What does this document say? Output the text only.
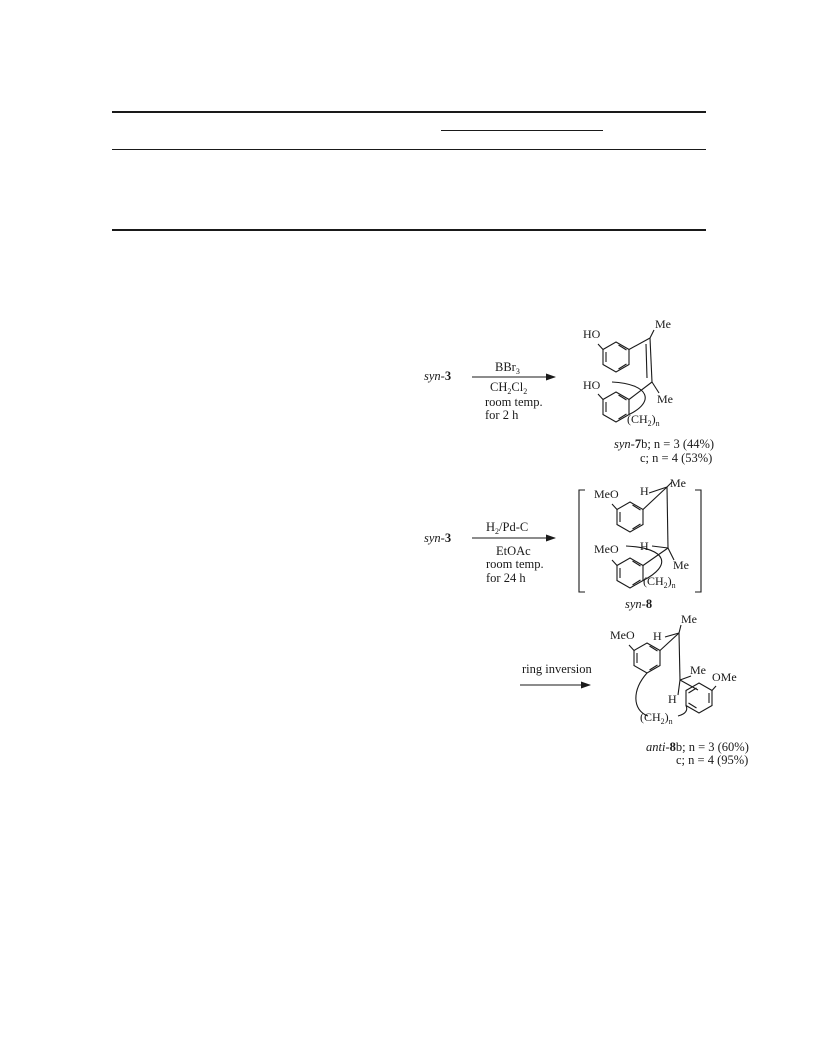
syn-3
BBr$_3$
$CH_2Cl_2$
room temp.
for 2 h
HO
HO
Me
Me
$(CH_2)_n$
syn-7b; n = 3 (44%)
c; n = 4 (53%)
syn-3
$H_2/Pd-C$
EtOAc
room temp.
for 24 h
MeO
MeO
H
H
Me
Me
$(CH_2)_n$
syn-8
ring inversion
MeO H
Me
Me OMe
H
$(CH_2)_n$
anti-8b; n = 3 (60%)
c; n = 4 (95%)
